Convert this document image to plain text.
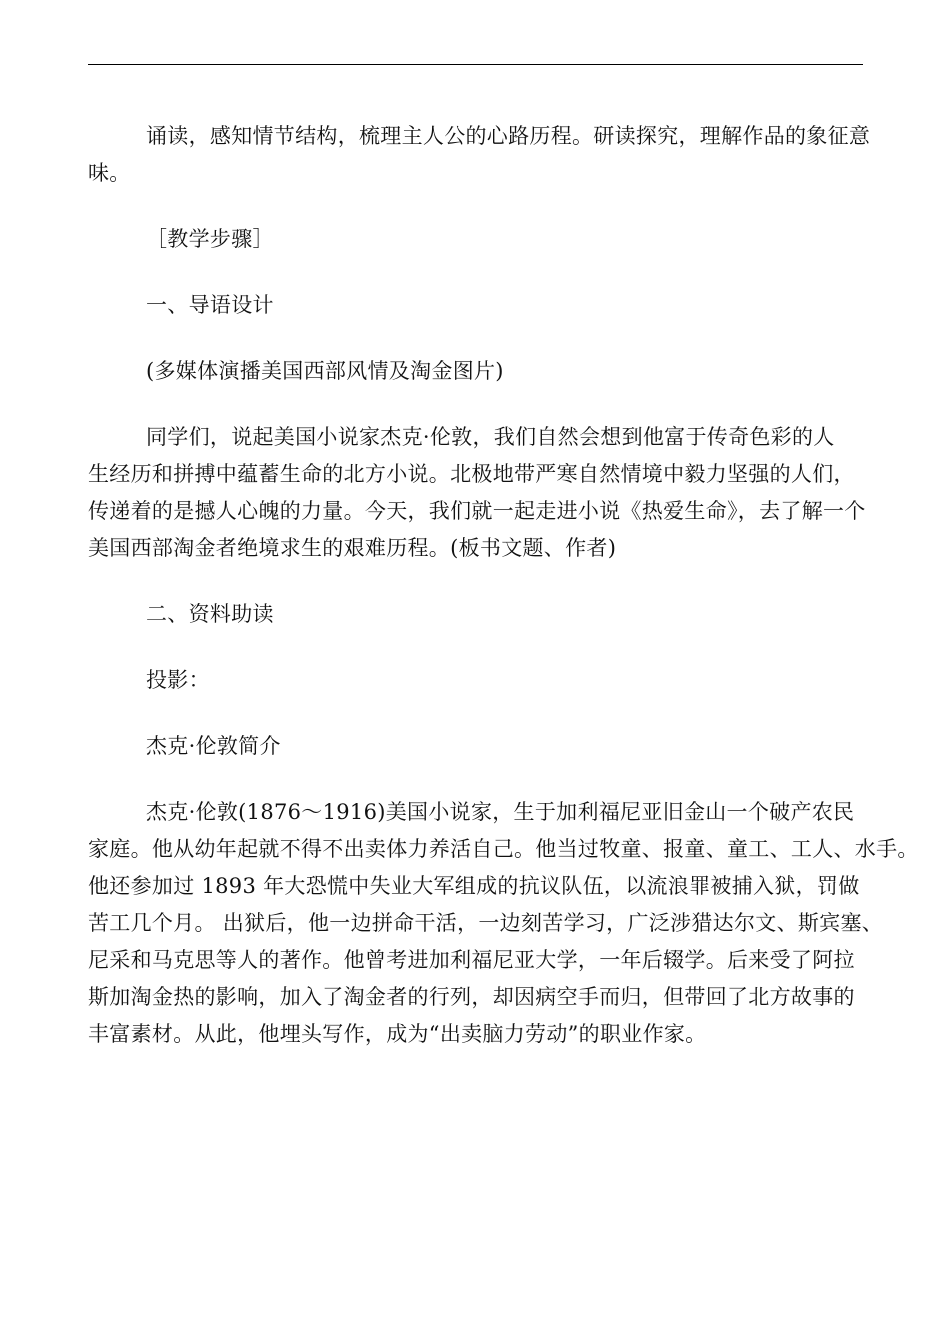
诵读，感知情节结构，梳理主人公的心路历程。研读探究，理解作品的象征意
味。

［教学步骤］

一、导语设计

(多媒体演播美国西部风情及淘金图片)

同学们，说起美国小说家杰克·伦敦，我们自然会想到他富于传奇色彩的人
生经历和拼搏中蕴蓄生命的北方小说。北极地带严寒自然情境中毅力坚强的人们，
传递着的是撼人心魄的力量。今天，我们就一起走进小说《热爱生命》，去了解一个
美国西部淘金者绝境求生的艰难历程。(板书文题、作者)

二、资料助读

投影：

杰克·伦敦简介

杰克·伦敦(1876～1916)美国小说家，生于加利福尼亚旧金山一个破产农民
家庭。他从幼年起就不得不出卖体力养活自己。他当过牧童、报童、童工、工人、水手。
他还参加过 1893 年大恐慌中失业大军组成的抗议队伍，以流浪罪被捕入狱，罚做
苦工几个月。 出狱后，他一边拼命干活，一边刻苦学习，广泛涉猎达尔文、斯宾塞、
尼采和马克思等人的著作。他曾考进加利福尼亚大学，一年后辍学。后来受了阿拉
斯加淘金热的影响，加入了淘金者的行列，却因病空手而归，但带回了北方故事的
丰富素材。从此，他埋头写作，成为“出卖脑力劳动”的职业作家。
